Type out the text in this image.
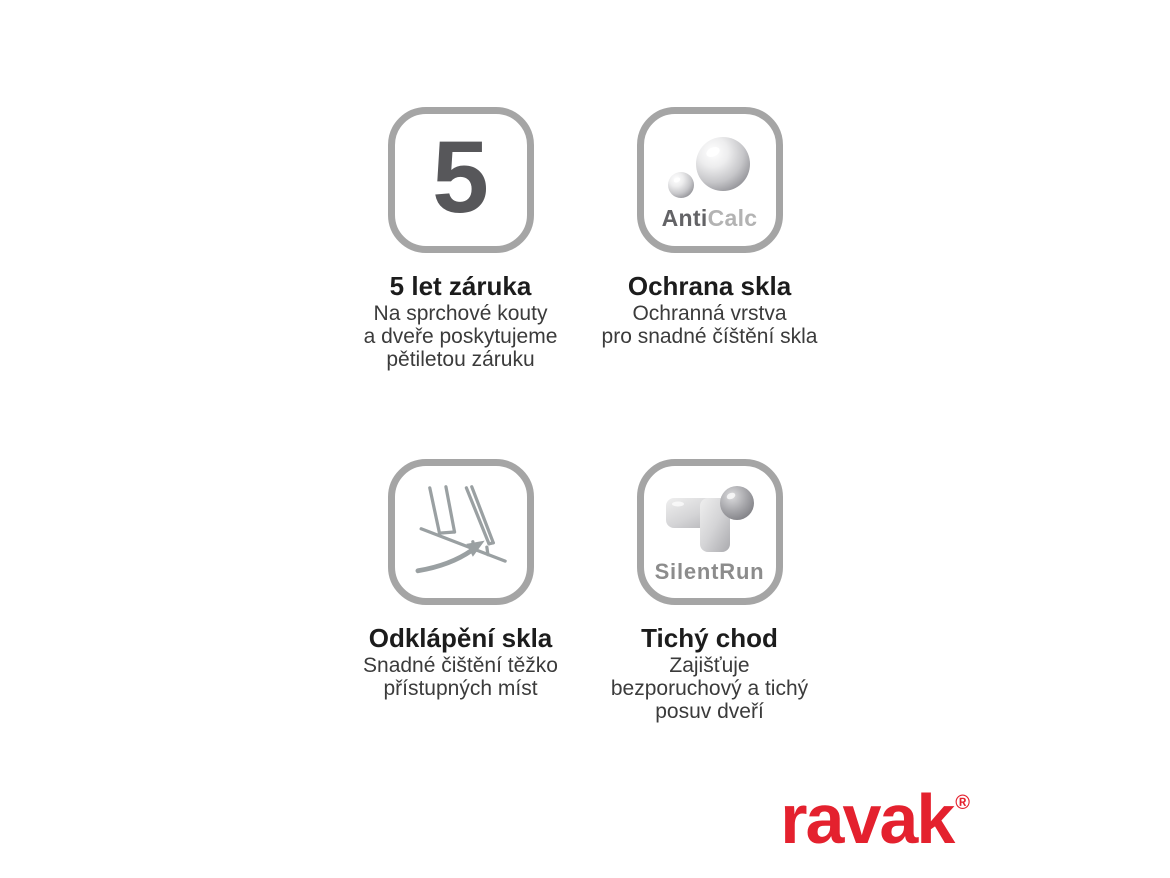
5
5 let záruka
Na sprchové kouty
a dveře poskytujeme
pětiletou záruku
AntiCalc
Ochrana skla
Ochranná vrstva
pro snadné číštění skla
Odklápění skla
Snadné čištění těžko
přístupných míst
SilentRun
Tichý chod
Zajišťuje
bezporuchový a tichý
posuv dveří
ravak ®
